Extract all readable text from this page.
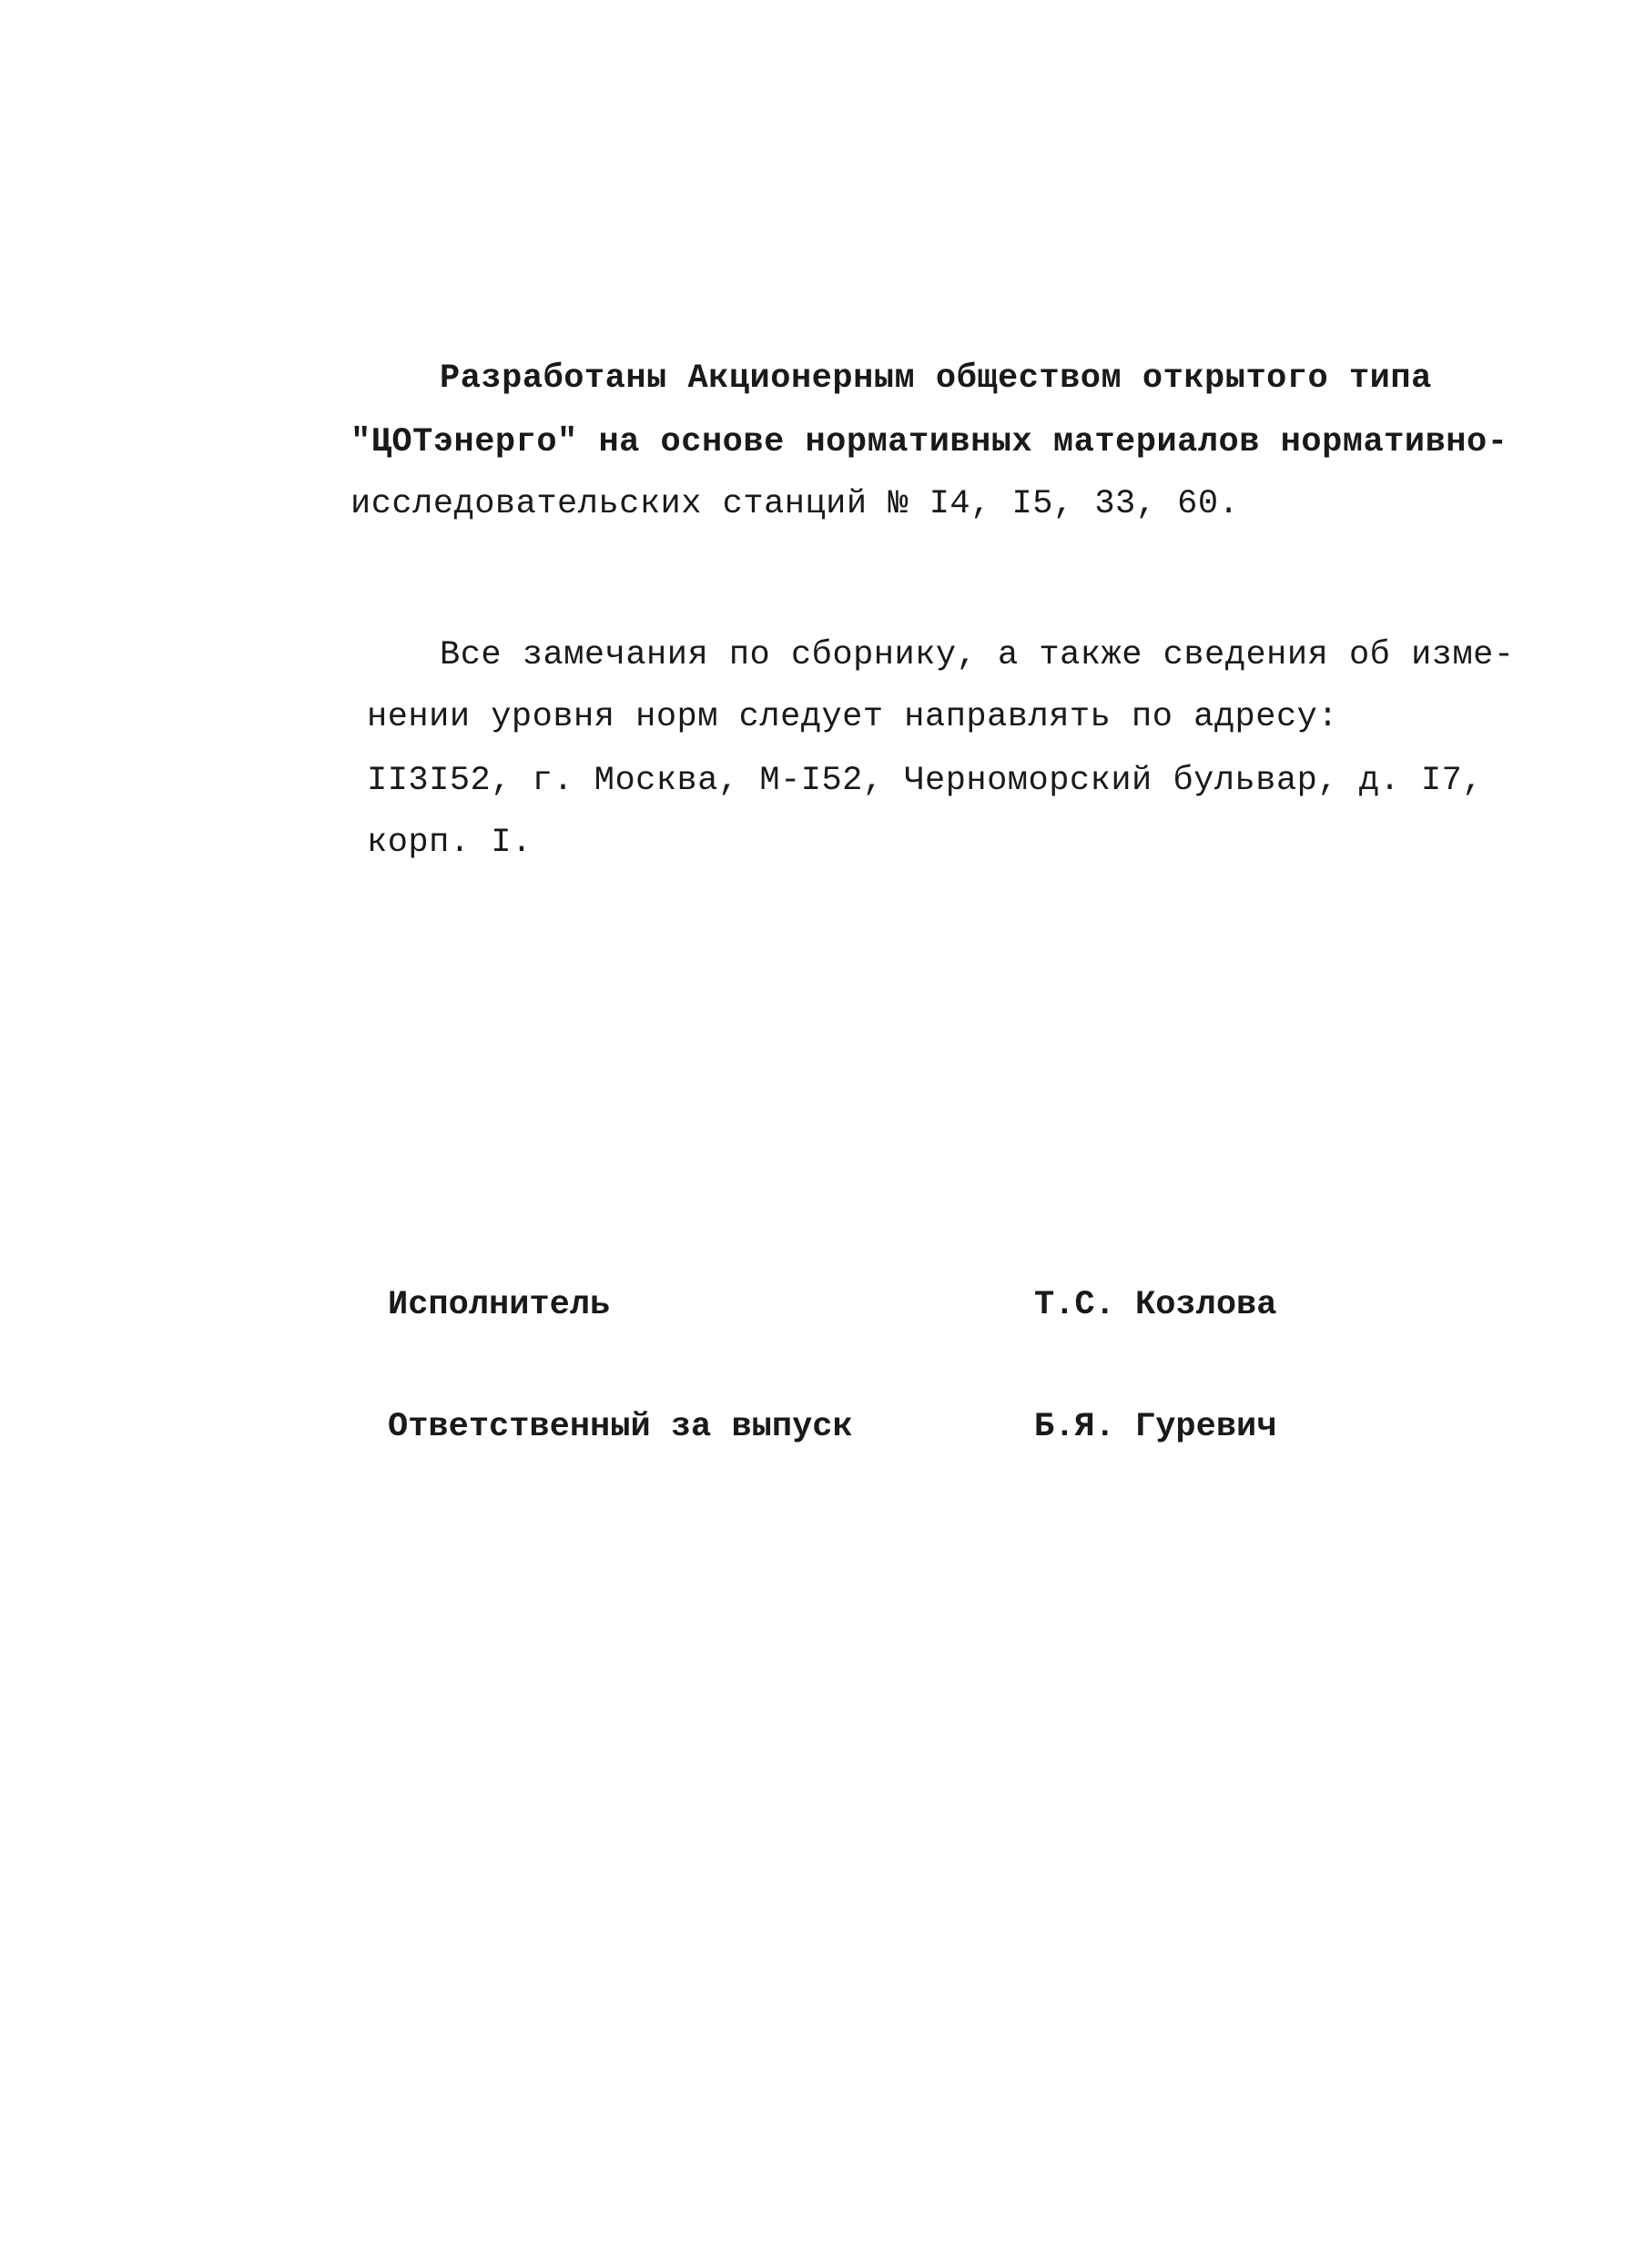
Разработаны Акционерным обществом открытого типа
"ЦОТэнерго" на основе нормативных материалов нормативно-
исследовательских станций № I4, I5, 33, 60.
Все замечания по сборнику, а также сведения об изме-
нении уровня норм следует направлять по адресу:
II3I52, г. Москва, М-I52, Черноморский бульвар, д. I7,
корп. I.
Исполнитель	Т.С. Козлова
Ответственный за выпуск	Б.Я. Гуревич
